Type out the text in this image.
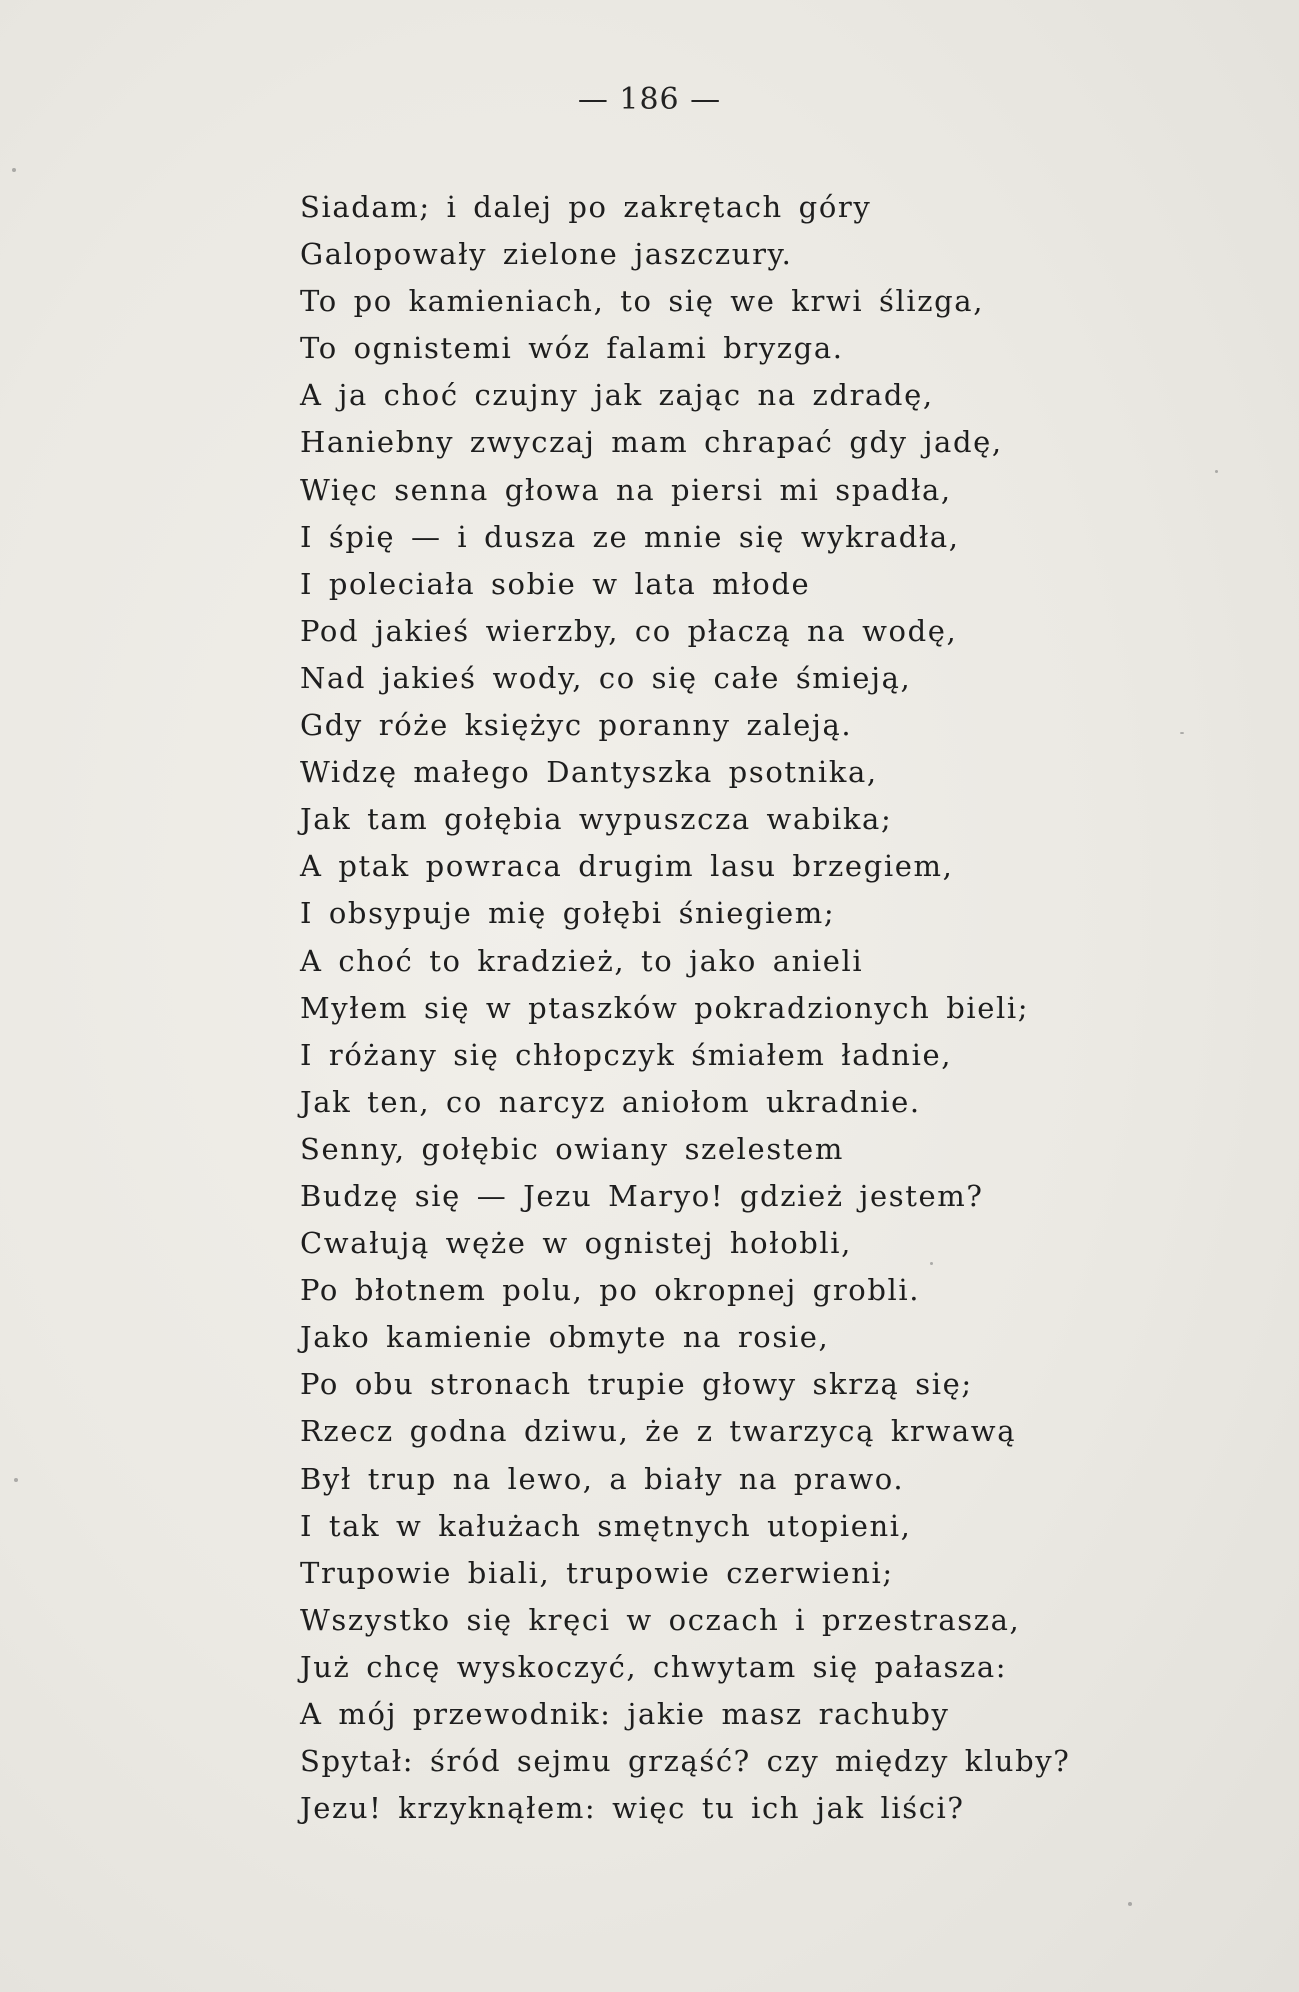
— 186 —
Siadam; i dalej po zakrętach góry
Galopowały zielone jaszczury.
To po kamieniach, to się we krwi ślizga,
To ognistemi wóz falami bryzga.
A ja choć czujny jak zając na zdradę,
Haniebny zwyczaj mam chrapać gdy jadę,
Więc senna głowa na piersi mi spadła,
I śpię — i dusza ze mnie się wykradła,
I poleciała sobie w lata młode
Pod jakieś wierzby, co płaczą na wodę,
Nad jakieś wody, co się całe śmieją,
Gdy róże księżyc poranny zaleją.
Widzę małego Dantyszka psotnika,
Jak tam gołębia wypuszcza wabika;
A ptak powraca drugim lasu brzegiem,
I obsypuje mię gołębi śniegiem;
A choć to kradzież, to jako anieli
Myłem się w ptaszków pokradzionych bieli;
I różany się chłopczyk śmiałem ładnie,
Jak ten, co narcyz aniołom ukradnie.
Senny, gołębic owiany szelestem
Budzę się — Jezu Maryo! gdzież jestem?
Cwałują węże w ognistej hołobli,
Po błotnem polu, po okropnej grobli.
Jako kamienie obmyte na rosie,
Po obu stronach trupie głowy skrzą się;
Rzecz godna dziwu, że z twarzycą krwawą
Był trup na lewo, a biały na prawo.
I tak w kałużach smętnych utopieni,
Trupowie biali, trupowie czerwieni;
Wszystko się kręci w oczach i przestrasza,
Już chcę wyskoczyć, chwytam się pałasza:
A mój przewodnik: jakie masz rachuby
Spytał: śród sejmu grząść? czy między kluby?
Jezu! krzyknąłem: więc tu ich jak liści?
